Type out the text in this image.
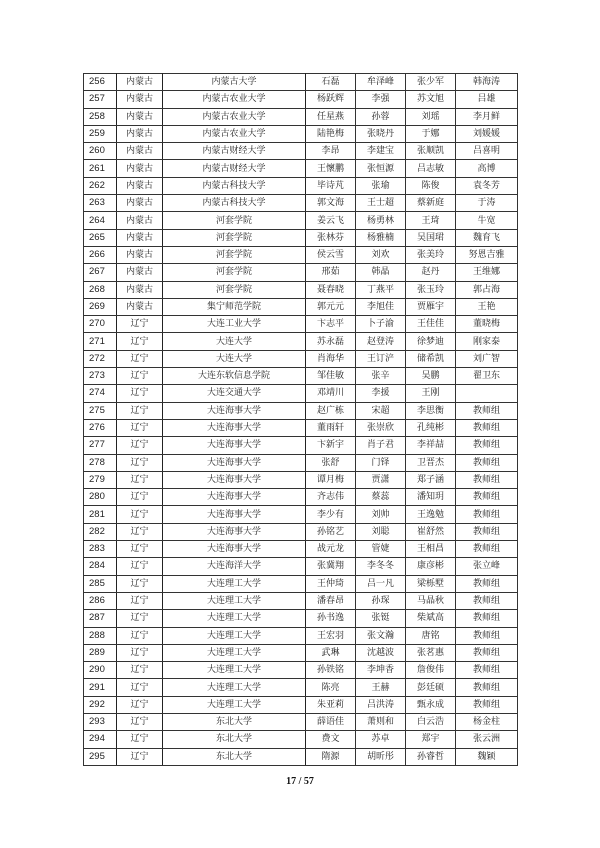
256	内蒙古	内蒙古大学	石磊	牟泽峰	张少军	韩海涛
257	内蒙古	内蒙古农业大学	杨跃辉	李强	苏文旭	吕雄
258	内蒙古	内蒙古农业大学	任星燕	孙蓉	刘瑶	李月鲜
259	内蒙古	内蒙古农业大学	陆艳梅	张晓丹	于娜	刘媛媛
260	内蒙古	内蒙古财经大学	李昂	李建宝	张顺凯	吕喜明
261	内蒙古	内蒙古财经大学	王懷鹏	张恒源	吕志敏	高博
262	内蒙古	内蒙古科技大学	毕诗芃	张瑜	陈俊	袁冬芳
263	内蒙古	内蒙古科技大学	郭文海	王士超	蔡新庭	于涛
264	内蒙古	河套学院	姜云飞	杨勇林	王琦	牛宽
265	内蒙古	河套学院	张林芬	杨雅楠	吴国珺	魏育飞
266	内蒙古	河套学院	侯云雪	刘欢	张美玲	努恩吉雅
267	内蒙古	河套学院	邢茹	韩晶	赵丹	王维娜
268	内蒙古	河套学院	聂春晓	丁燕平	张玉玲	郭占海
269	内蒙古	集宁师范学院	郭元元	李旭佳	贾雁宇	王艳
270	辽宁	大连工业大学	卞志平	卜子渝	王佳佳	董晓梅
271	辽宁	大连大学	苏永磊	赵登涛	徐梦迪	刚家泰
272	辽宁	大连大学	肖海华	王订浐	储希凯	刘广智
273	辽宁	大连东软信息学院	邹佳敏	张辛	吴鹏	翟卫东
274	辽宁	大连交通大学	邓靖川	李援	王刚	
275	辽宁	大连海事大学	赵广栋	宋超	李思衡	教师组
276	辽宁	大连海事大学	董雨轩	张崇欣	孔纯彬	教师组
277	辽宁	大连海事大学	卞新宇	肖子君	李祥喆	教师组
278	辽宁	大连海事大学	张舒	门铎	卫晋杰	教师组
279	辽宁	大连海事大学	谭月梅	贾潇	郑子涵	教师组
280	辽宁	大连海事大学	齐志伟	蔡蕊	潘知玥	教师组
281	辽宁	大连海事大学	李少有	刘帅	王逸勉	教师组
282	辽宁	大连海事大学	孙铭艺	刘聪	崔舒然	教师组
283	辽宁	大连海事大学	战元龙	管婕	王相昌	教师组
284	辽宁	大连海洋大学	张冀翔	李冬冬	康彦彬	张立峰
285	辽宁	大连理工大学	王仲琦	吕一凡	梁栎墅	教师组
286	辽宁	大连理工大学	潘春昂	孙琛	马晶秋	教师组
287	辽宁	大连理工大学	孙书逸	张铤	柴斌高	教师组
288	辽宁	大连理工大学	王宏羽	张文瀚	唐铭	教师组
289	辽宁	大连理工大学	武琳	沈越波	张茗惠	教师组
290	辽宁	大连理工大学	孙铁铭	李坤香	詹俊伟	教师组
291	辽宁	大连理工大学	陈亮	王赫	彭廷硕	教师组
292	辽宁	大连理工大学	朱亚莉	吕洪涛	甄永成	教师组
293	辽宁	东北大学	薛语佳	萧则和	白云浩	杨金柱
294	辽宁	东北大学	费文	苏卓	郑宇	张云洲
295	辽宁	东北大学	隋源	胡昕彤	孙睿哲	魏颖
17 / 57
